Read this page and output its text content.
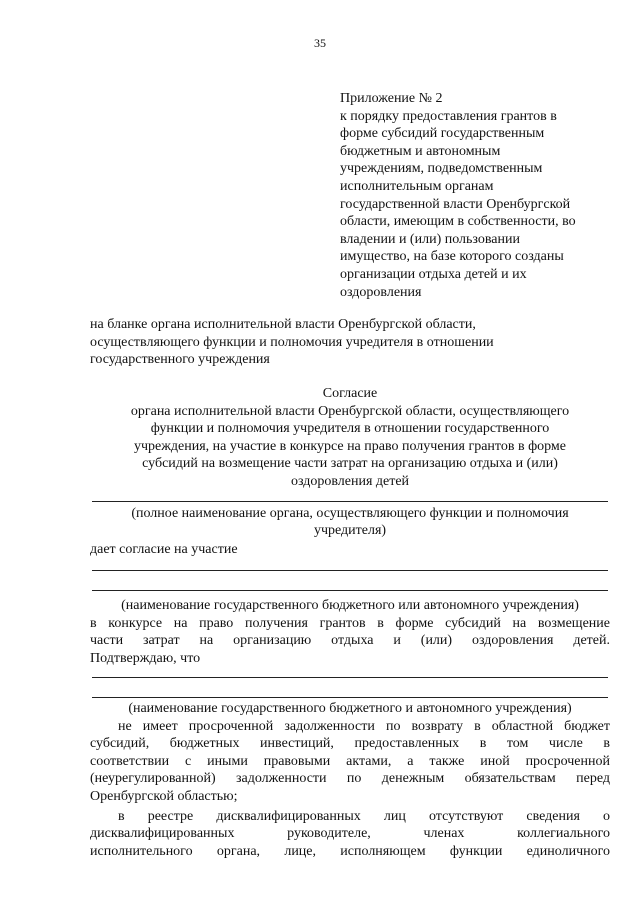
35
Приложение № 2
к порядку предоставления грантов в
форме субсидий государственным
бюджетным и автономным
учреждениям, подведомственным
исполнительным органам
государственной власти Оренбургской
области, имеющим в собственности, во
владении и (или) пользовании
имущество, на базе которого созданы
организации отдыха детей и их
оздоровления
на бланке органа исполнительной власти Оренбургской области,
осуществляющего функции и полномочия учредителя в отношении
государственного учреждения
Согласие
органа исполнительной власти Оренбургской области, осуществляющего
функции и полномочия учредителя в отношении государственного
учреждения, на участие в конкурсе на право получения грантов в форме
субсидий на возмещение части затрат на организацию отдыха и (или)
оздоровления детей
(полное наименование органа, осуществляющего функции и полномочия
учредителя)
дает согласие на участие
(наименование государственного бюджетного или автономного учреждения)
в конкурсе на право получения грантов в форме субсидий на возмещение
части затрат на организацию отдыха и (или) оздоровления детей.
Подтверждаю, что
(наименование государственного бюджетного и автономного учреждения)
не имеет просроченной задолженности по возврату в областной бюджет
субсидий, бюджетных инвестиций, предоставленных в том числе в
соответствии с иными правовыми актами, а также иной просроченной
(неурегулированной) задолженности по денежным обязательствам перед
Оренбургской областью;
в реестре дисквалифицированных лиц отсутствуют сведения о
дисквалифицированных руководителе, членах коллегиального
исполнительного органа, лице, исполняющем функции единоличного
